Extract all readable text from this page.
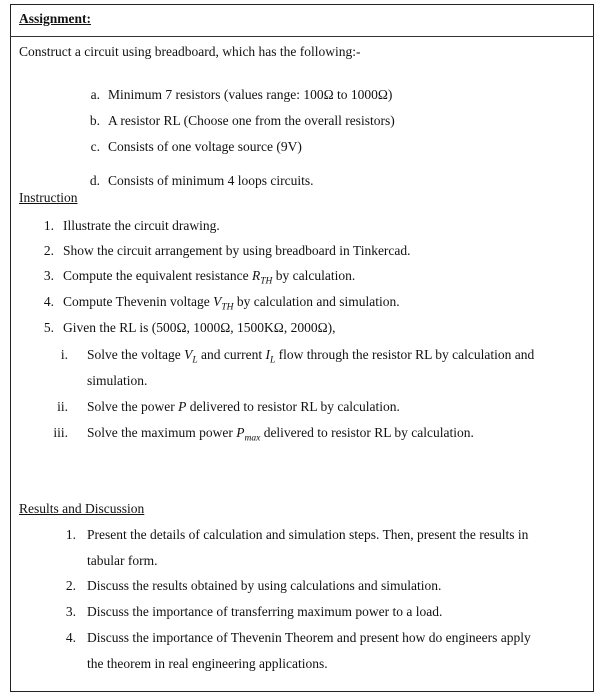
Assignment:
Construct a circuit using breadboard, which has the following:-
a. Minimum 7 resistors (values range: 100Ω to 1000Ω)
b. A resistor RL (Choose one from the overall resistors)
c. Consists of one voltage source (9V)
d. Consists of minimum 4 loops circuits.
Instruction
1. Illustrate the circuit drawing.
2. Show the circuit arrangement by using breadboard in Tinkercad.
3. Compute the equivalent resistance $R_{TH}$ by calculation.
4. Compute Thevenin voltage $V_{TH}$ by calculation and simulation.
5. Given the RL is (500Ω, 1000Ω, 1500KΩ, 2000Ω),
i. Solve the voltage $V_L$ and current $I_L$ flow through the resistor RL by calculation and
simulation.
ii. Solve the power P delivered to resistor RL by calculation.
iii. Solve the maximum power $P_{max}$ delivered to resistor RL by calculation.
Results and Discussion
1. Present the details of calculation and simulation steps. Then, present the results in
tabular form.
2. Discuss the results obtained by using calculations and simulation.
3. Discuss the importance of transferring maximum power to a load.
4. Discuss the importance of Thevenin Theorem and present how do engineers apply
the theorem in real engineering applications.
